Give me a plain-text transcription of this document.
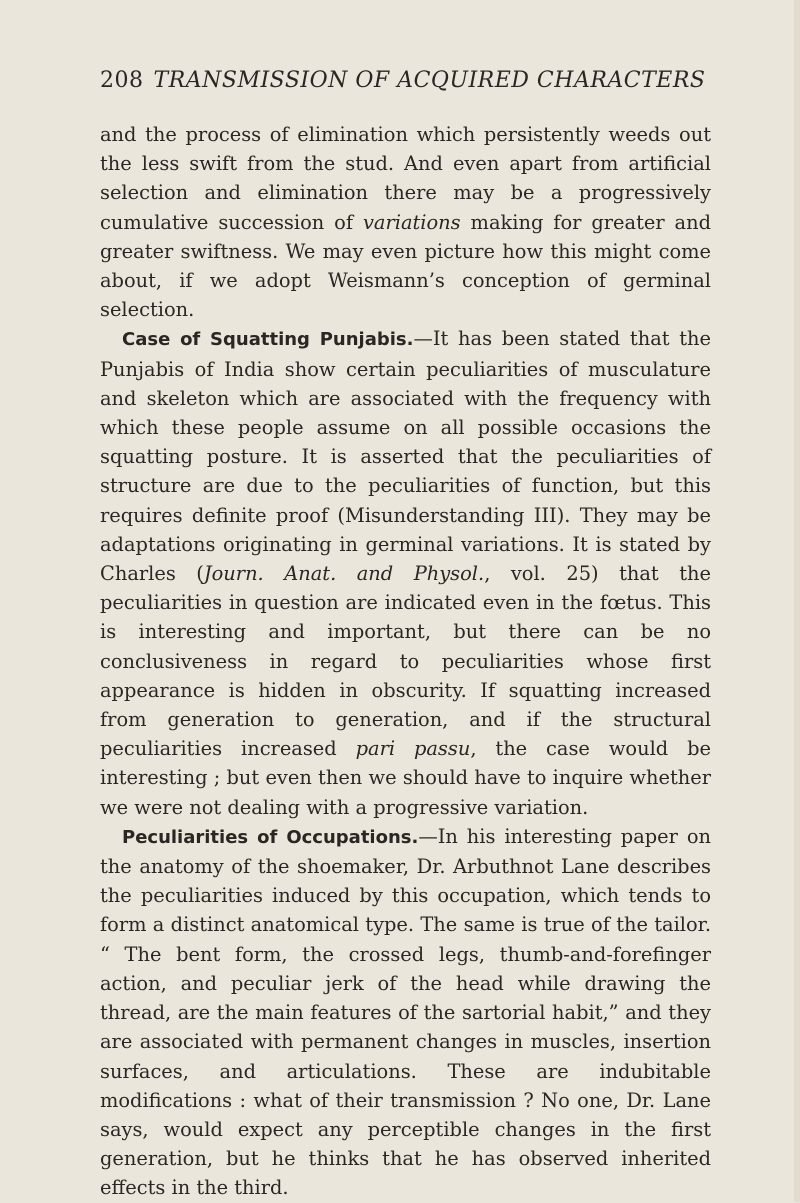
208 TRANSMISSION OF ACQUIRED CHARACTERS

and the process of elimination which persistently weeds out the less swift from the stud. And even apart from artificial selection and elimination there may be a progressively cumulative succession of variations making for greater and greater swiftness. We may even picture how this might come about, if we adopt Weismann’s conception of germinal selection.

Case of Squatting Punjabis.—It has been stated that the Punjabis of India show certain peculiarities of musculature and skeleton which are associated with the frequency with which these people assume on all possible occasions the squatting posture. It is asserted that the peculiarities of structure are due to the peculiarities of function, but this requires definite proof (Misunderstanding III). They may be adaptations originating in germinal variations. It is stated by Charles (Journ. Anat. and Physol., vol. 25) that the peculiarities in question are indicated even in the fœtus. This is interesting and important, but there can be no conclusiveness in regard to peculiarities whose first appearance is hidden in obscurity. If squatting increased from generation to generation, and if the structural peculiarities increased pari passu, the case would be interesting ; but even then we should have to inquire whether we were not dealing with a progressive variation.

Peculiarities of Occupations.—In his interesting paper on the anatomy of the shoemaker, Dr. Arbuthnot Lane describes the peculiarities induced by this occupation, which tends to form a distinct anatomical type. The same is true of the tailor. “ The bent form, the crossed legs, thumb-and-forefinger action, and peculiar jerk of the head while drawing the thread, are the main features of the sartorial habit,” and they are associated with permanent changes in muscles, insertion surfaces, and articulations. These are indubitable modifications : what of their transmission ? No one, Dr. Lane says, would expect any perceptible changes in the first generation, but he thinks that he has observed inherited effects in the third.
